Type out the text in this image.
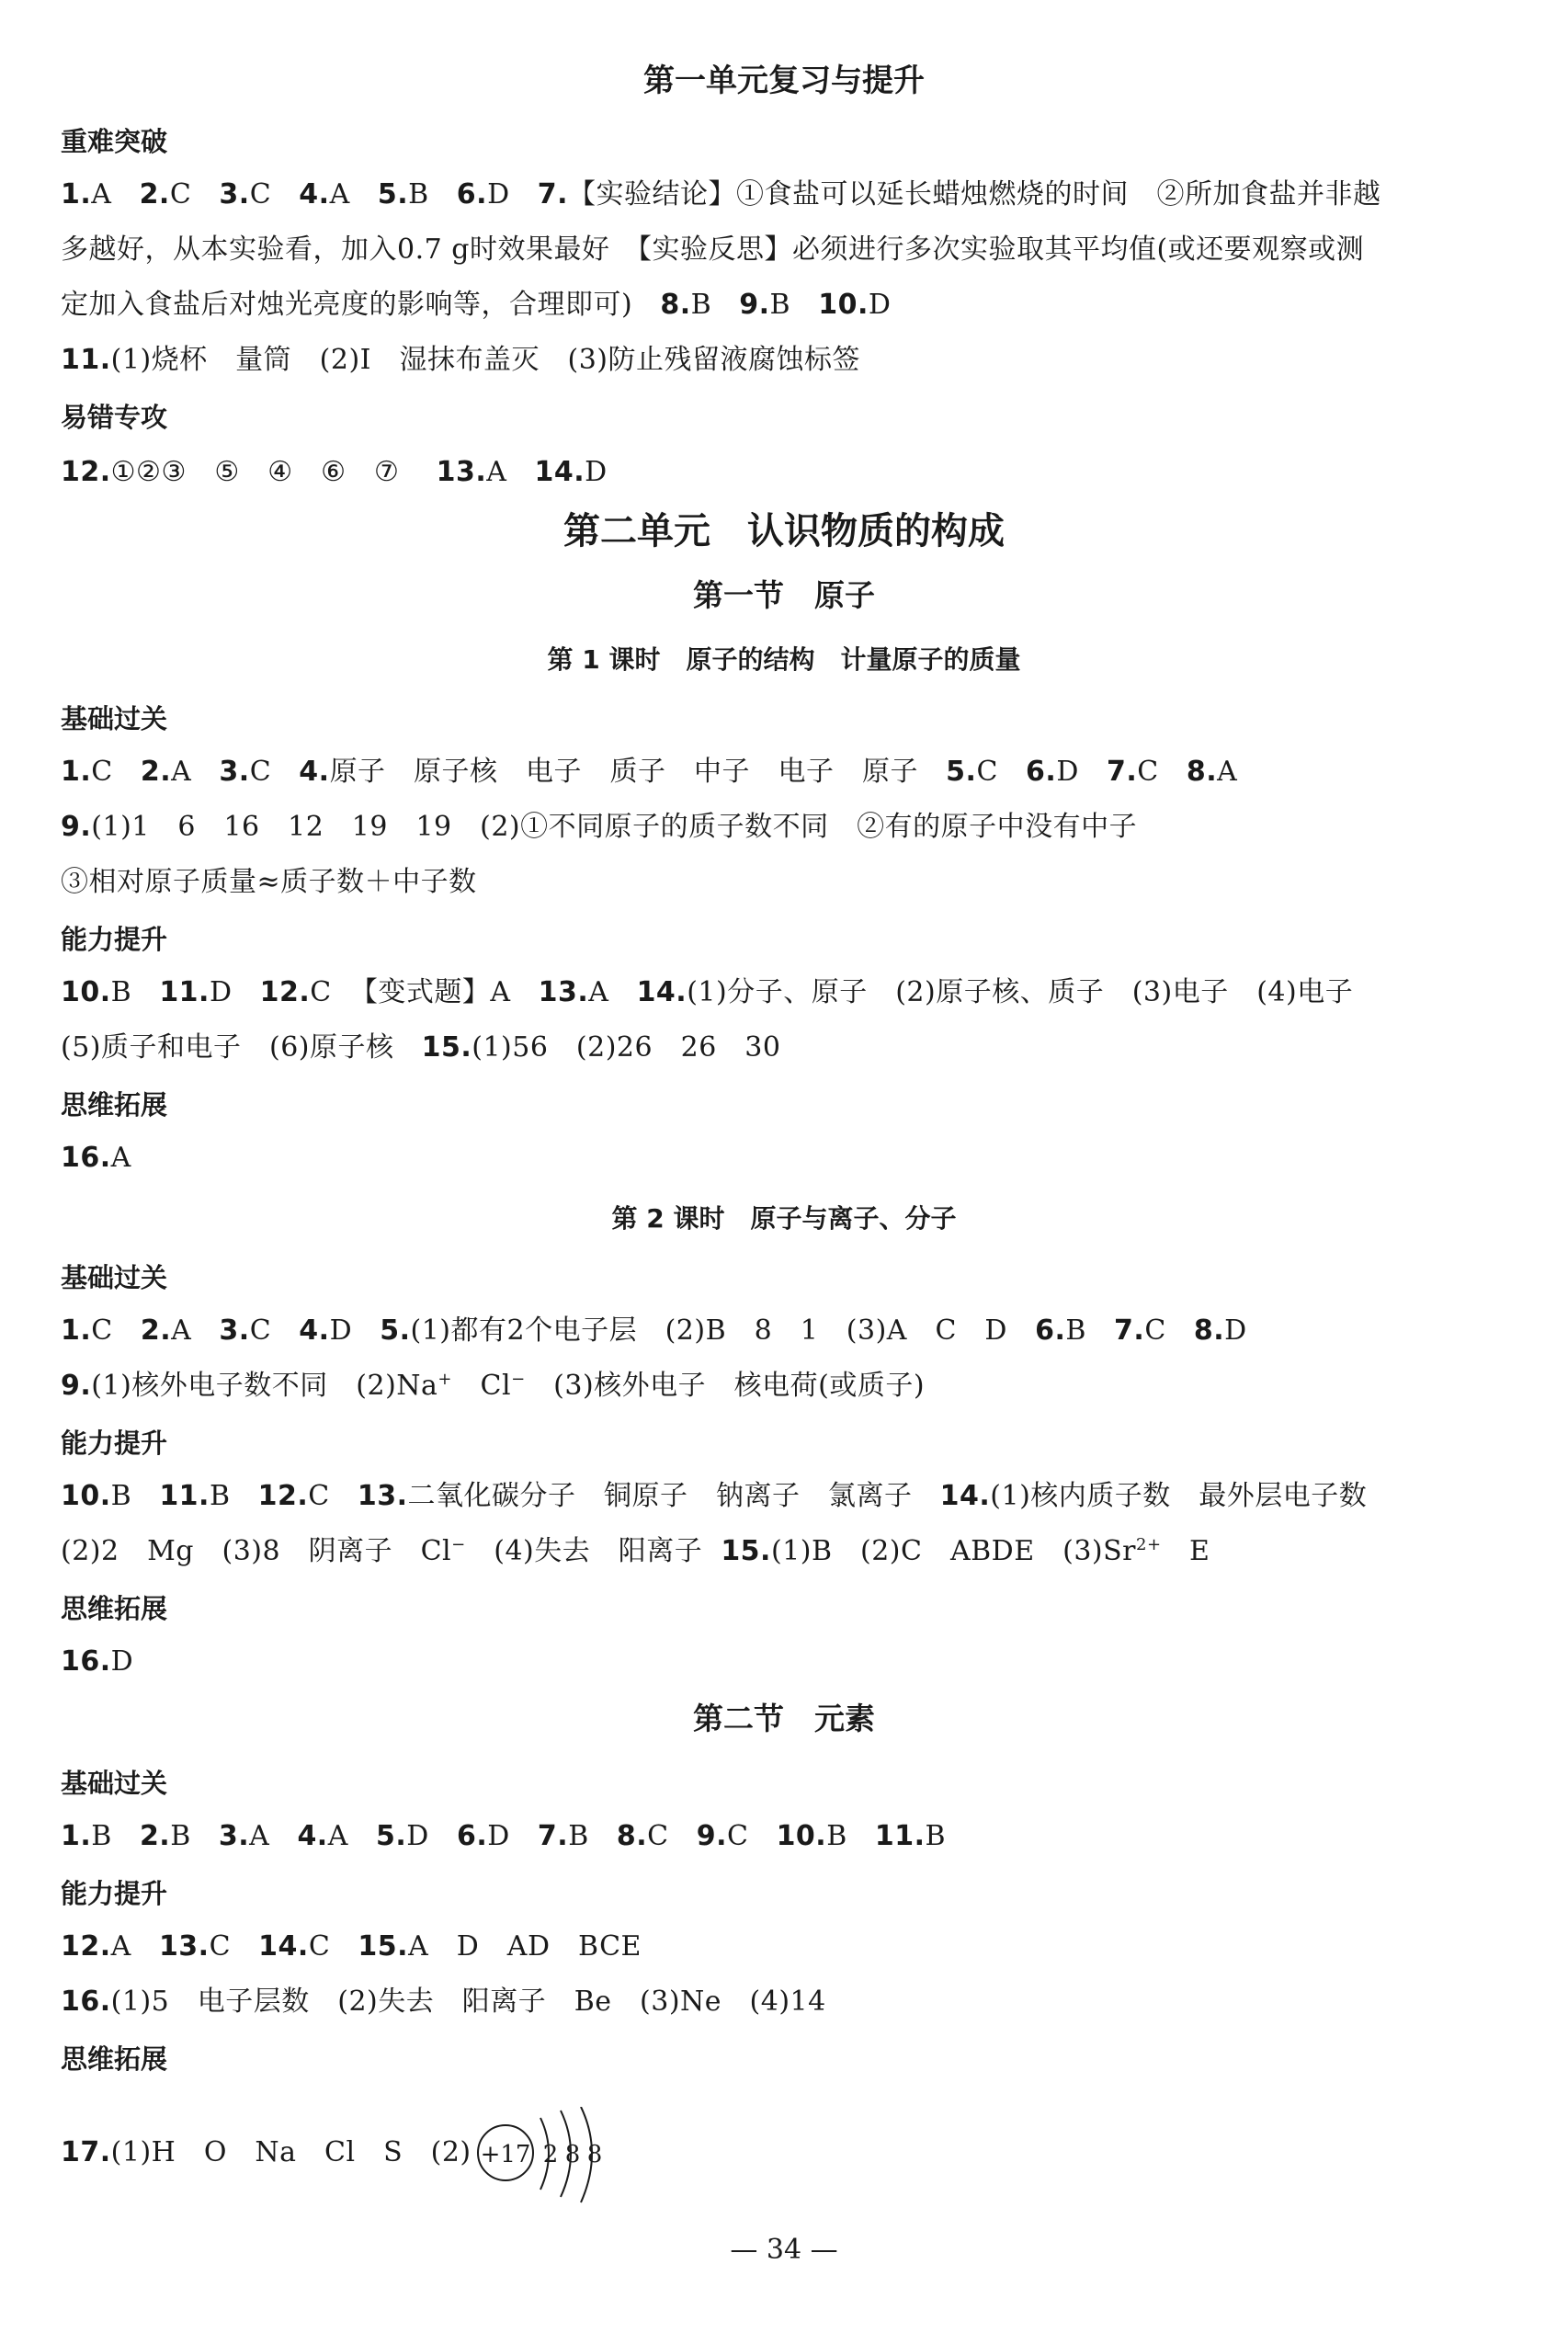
第一单元复习与提升
重难突破
1.A 2.C 3.C 4.A 5.B 6.D 7.【实验结论】①食盐可以延长蜡烛燃烧的时间　②所加食盐并非越
多越好，从本实验看，加入0.7 g时效果最好　【实验反思】必须进行多次实验取其平均值(或还要观察或测
定加入食盐后对烛光亮度的影响等，合理即可) 8.B 9.B 10.D
11.(1)烧杯　量筒　(2)Ⅰ　湿抹布盖灭　(3)防止残留液腐蚀标签
易错专攻
12.①②③　⑤　④　⑥　⑦ 13.A 14.D
第二单元　认识物质的构成
第一节　原子
第 1 课时　原子的结构　计量原子的质量
基础过关
1.C 2.A 3.C 4.原子　原子核　电子　质子　中子　电子　原子 5.C 6.D 7.C 8.A
9.(1)1　6　16　12　19　19　(2)①不同原子的质子数不同　②有的原子中没有中子
③相对原子质量≈质子数＋中子数
能力提升
10.B 11.D 12.C 【变式题】A 13.A 14.(1)分子、原子　(2)原子核、质子　(3)电子　(4)电子
(5)质子和电子　(6)原子核 15.(1)56　(2)26　26　30
思维拓展
16.A
第 2 课时　原子与离子、分子
基础过关
1.C 2.A 3.C 4.D 5.(1)都有2个电子层　(2)B　8　1　(3)A　C　D 6.B 7.C 8.D
9.(1)核外电子数不同　(2)Na+　Cl−　(3)核外电子　核电荷(或质子)
能力提升
10.B 11.B 12.C 13.二氧化碳分子　铜原子　钠离子　氯离子 14.(1)核内质子数　最外层电子数
(2)2　Mg　(3)8　阴离子　Cl−　(4)失去　阳离子 15.(1)B　(2)C　ABDE　$(3)Sr^{2+}$　E
思维拓展
16.D
第二节　元素
基础过关
1.B 2.B 3.A 4.A 5.D 6.D 7.B 8.C 9.C 10.B 11.B
能力提升
12.A 13.C 14.C 15.A　D　AD　BCE
16.(1)5　电子层数　(2)失去　阳离子　Be　(3)Ne　(4)14
思维拓展
17.(1)H　O　Na　Cl　S　(2) +17 2 8 8
— 34 —
